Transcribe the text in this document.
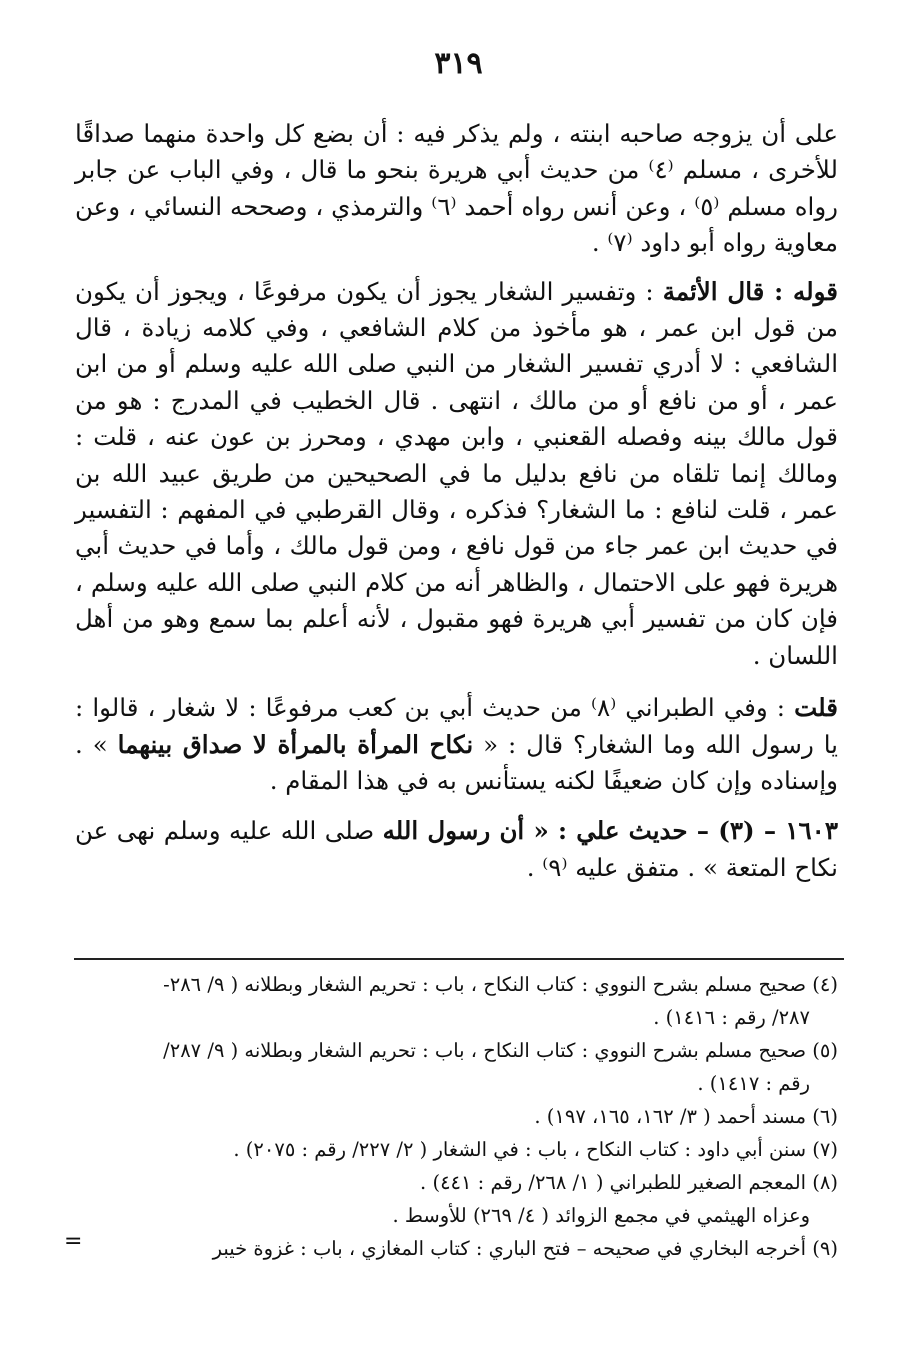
٣١٩

على أن يزوجه صاحبه ابنته ، ولم يذكر فيه : أن بضع كل واحدة منهما صداقًا للأخرى ، مسلم ⁽٤⁾ من حديث أبي هريرة بنحو ما قال ، وفي الباب عن جابر رواه مسلم ⁽٥⁾ ، وعن أنس رواه أحمد ⁽٦⁾ والترمذي ، وصححه النسائي ، وعن معاوية رواه أبو داود ⁽٧⁾ .

قوله : قال الأئمة : وتفسير الشغار يجوز أن يكون مرفوعًا ، ويجوز أن يكون من قول ابن عمر ، هو مأخوذ من كلام الشافعي ، وفي كلامه زيادة ، قال الشافعي : لا أدري تفسير الشغار من النبي صلى الله عليه وسلم أو من ابن عمر ، أو من نافع أو من مالك ، انتهى . قال الخطيب في المدرج : هو من قول مالك بينه وفصله القعنبي ، وابن مهدي ، ومحرز بن عون عنه ، قلت : ومالك إنما تلقاه من نافع بدليل ما في الصحيحين من طريق عبيد الله بن عمر ، قلت لنافع : ما الشغار؟ فذكره ، وقال القرطبي في المفهم : التفسير في حديث ابن عمر جاء من قول نافع ، ومن قول مالك ، وأما في حديث أبي هريرة فهو على الاحتمال ، والظاهر أنه من كلام النبي صلى الله عليه وسلم ، فإن كان من تفسير أبي هريرة فهو مقبول ، لأنه أعلم بما سمع وهو من أهل اللسان .

قلت : وفي الطبراني ⁽٨⁾ من حديث أبي بن كعب مرفوعًا : لا شغار ، قالوا : يا رسول الله وما الشغار؟ قال : « نكاح المرأة بالمرأة لا صداق بينهما » . وإسناده وإن كان ضعيفًا لكنه يستأنس به في هذا المقام .

١٦٠٣ – (٣) – حديث علي : « أن رسول الله صلى الله عليه وسلم نهى عن نكاح المتعة » . متفق عليه ⁽٩⁾ .

(٤) صحيح مسلم بشرح النووي : كتاب النكاح ، باب : تحريم الشغار وبطلانه ( ٩/ ٢٨٦-

٢٨٧/ رقم : ١٤١٦) .

(٥) صحيح مسلم بشرح النووي : كتاب النكاح ، باب : تحريم الشغار وبطلانه ( ٩/ ٢٨٧/

رقم : ١٤١٧) .

(٦) مسند أحمد ( ٣/ ١٦٢، ١٦٥، ١٩٧) .

(٧) سنن أبي داود : كتاب النكاح ، باب : في الشغار ( ٢/ ٢٢٧/ رقم : ٢٠٧٥) .

(٨) المعجم الصغير للطبراني ( ١/ ٢٦٨/ رقم : ٤٤١) .

وعزاه الهيثمي في مجمع الزوائد ( ٤/ ٢٦٩) للأوسط .

(٩) أخرجه البخاري في صحيحه – فتح الباري : كتاب المغازي ، باب : غزوة خيبر

=
